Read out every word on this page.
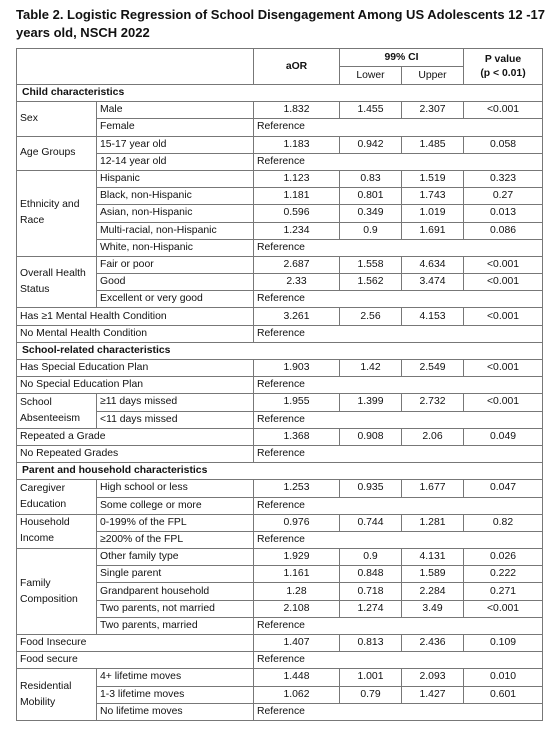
Table 2. Logistic Regression of School Disengagement Among US Adolescents 12 -17 years old, NSCH 2022
		aOR	99% CI		P value
(p < 0.01)
			Lower	Upper	
Child characteristics					
Sex	Male	1.832	1.455	2.307	<0.001
	Female	Reference			
Age Groups	15-17 year old	1.183	0.942	1.485	0.058
	12-14 year old	Reference			
Ethnicity and Race	Hispanic	1.123	0.83	1.519	0.323
	Black, non-Hispanic	1.181	0.801	1.743	0.27
	Asian, non-Hispanic	0.596	0.349	1.019	0.013
	Multi-racial, non-Hispanic	1.234	0.9	1.691	0.086
	White, non-Hispanic	Reference			
Overall Health Status	Fair or poor	2.687	1.558	4.634	<0.001
	Good	2.33	1.562	3.474	<0.001
	Excellent or very good	Reference			
Has ≥1 Mental Health Condition		3.261	2.56	4.153	<0.001
No Mental Health Condition		Reference			
School-related characteristics					
Has Special Education Plan		1.903	1.42	2.549	<0.001
No Special Education Plan		Reference			
School Absenteeism	≥11 days missed	1.955	1.399	2.732	<0.001
	<11 days missed	Reference			
Repeated a Grade		1.368	0.908	2.06	0.049
No Repeated Grades		Reference			
Parent and household characteristics					
Caregiver Education	High school or less	1.253	0.935	1.677	0.047
	Some college or more	Reference			
Household Income	0-199% of the FPL	0.976	0.744	1.281	0.82
	≥200% of the FPL	Reference			
Family Composition	Other family type	1.929	0.9	4.131	0.026
	Single parent	1.161	0.848	1.589	0.222
	Grandparent household	1.28	0.718	2.284	0.271
	Two parents, not married	2.108	1.274	3.49	<0.001
	Two parents, married	Reference			
Food Insecure		1.407	0.813	2.436	0.109
Food secure		Reference			
Residential Mobility	4+ lifetime moves	1.448	1.001	2.093	0.010
	1-3 lifetime moves	1.062	0.79	1.427	0.601
	No lifetime moves	Reference			
